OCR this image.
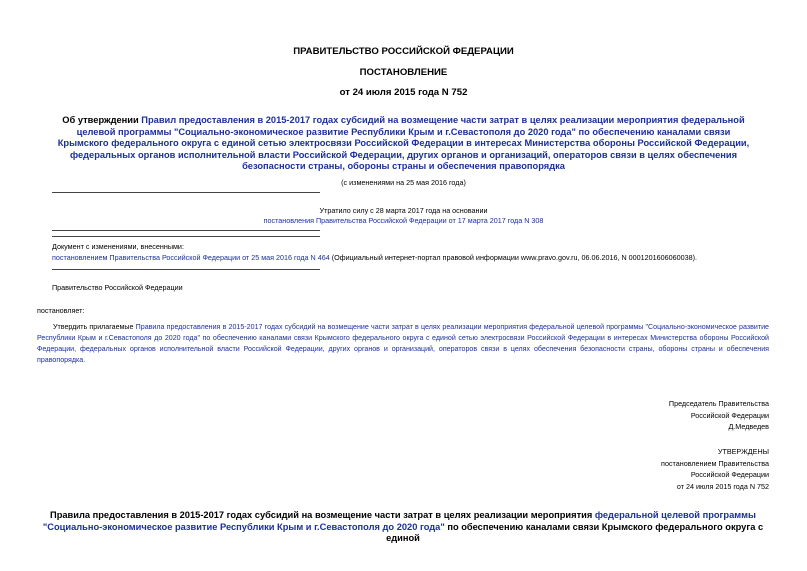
ПРАВИТЕЛЬСТВО РОССИЙСКОЙ ФЕДЕРАЦИИ
ПОСТАНОВЛЕНИЕ
от 24 июля 2015 года N 752
Об утверждении Правил предоставления в 2015-2017 годах субсидий на возмещение части затрат в целях реализации мероприятия федеральной целевой программы "Социально-экономическое развитие Республики Крым и г.Севастополя до 2020 года" по обеспечению каналами связи Крымского федерального округа с единой сетью электросвязи Российской Федерации в интересах Министерства обороны Российской Федерации, федеральных органов исполнительной власти Российской Федерации, других органов и организаций, операторов связи в целях обеспечения безопасности страны, обороны страны и обеспечения правопорядка
(с изменениями на 25 мая 2016 года)
Утратило силу с 28 марта 2017 года на основании
постановления Правительства Российской Федерации от 17 марта 2017 года N 308
Документ с изменениями, внесенными:
постановлением Правительства Российской Федерации от 25 мая 2016 года N 464 (Официальный интернет-портал правовой информации www.pravo.gov.ru, 06.06.2016, N 0001201606060038).
Правительство Российской Федерации
постановляет:
Утвердить прилагаемые Правила предоставления в 2015-2017 годах субсидий на возмещение части затрат в целях реализации мероприятия федеральной целевой программы "Социально-экономическое развитие Республики Крым и г.Севастополя до 2020 года" по обеспечению каналами связи Крымского федерального округа с единой сетью электросвязи Российской Федерации в интересах Министерства обороны Российской Федерации, федеральных органов исполнительной власти Российской Федерации, других органов и организаций, операторов связи в целях обеспечения безопасности страны, обороны страны и обеспечения правопорядка.
Председатель Правительства
Российской Федерации
Д.Медведев
УТВЕРЖДЕНЫ
постановлением Правительства
Российской Федерации
от 24 июля 2015 года N 752
Правила предоставления в 2015-2017 годах субсидий на возмещение части затрат в целях реализации мероприятия федеральной целевой программы "Социально-экономическое развитие Республики Крым и г.Севастополя до 2020 года" по обеспечению каналами связи Крымского федерального округа с единой
